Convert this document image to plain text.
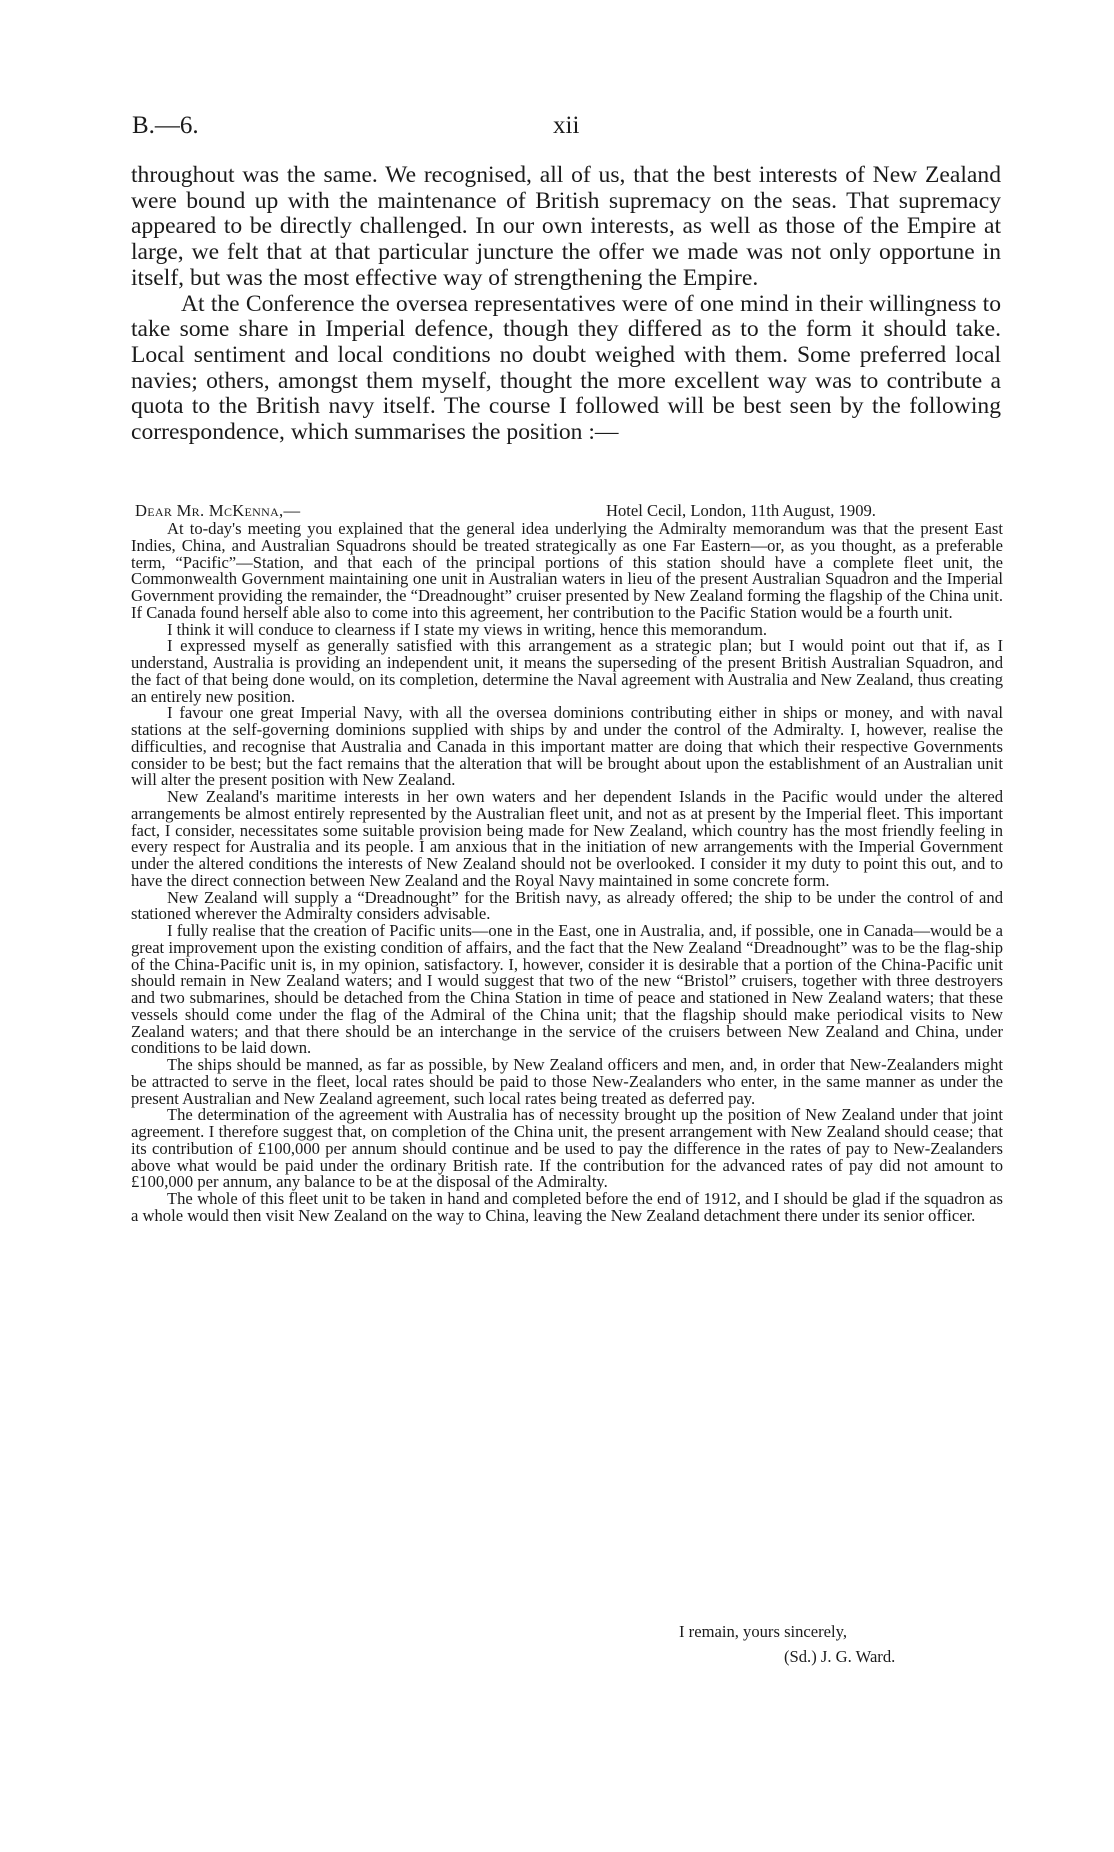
B.—6.	xii

throughout was the same. We recognised, all of us, that the best interests of New Zealand were bound up with the maintenance of British supremacy on the seas. That supremacy appeared to be directly challenged. In our own interests, as well as those of the Empire at large, we felt that at that particular juncture the offer we made was not only opportune in itself, but was the most effective way of strengthening the Empire.

At the Conference the oversea representatives were of one mind in their willingness to take some share in Imperial defence, though they differed as to the form it should take. Local sentiment and local conditions no doubt weighed with them. Some preferred local navies; others, amongst them myself, thought the more excellent way was to contribute a quota to the British navy itself. The course I followed will be best seen by the following correspondence, which summarises the position :—

Dear Mr. McKenna,—	Hotel Cecil, London, 11th August, 1909.

At to-day's meeting you explained that the general idea underlying the Admiralty memorandum was that the present East Indies, China, and Australian Squadrons should be treated strategically as one Far Eastern—or, as you thought, as a preferable term, “Pacific”—Station, and that each of the principal portions of this station should have a complete fleet unit, the Commonwealth Government maintaining one unit in Australian waters in lieu of the present Australian Squadron and the Imperial Government providing the remainder, the “Dreadnought” cruiser presented by New Zealand forming the flagship of the China unit. If Canada found herself able also to come into this agreement, her contribution to the Pacific Station would be a fourth unit.

I think it will conduce to clearness if I state my views in writing, hence this memorandum.

I expressed myself as generally satisfied with this arrangement as a strategic plan; but I would point out that if, as I understand, Australia is providing an independent unit, it means the superseding of the present British Australian Squadron, and the fact of that being done would, on its completion, determine the Naval agreement with Australia and New Zealand, thus creating an entirely new position.

I favour one great Imperial Navy, with all the oversea dominions contributing either in ships or money, and with naval stations at the self-governing dominions supplied with ships by and under the control of the Admiralty. I, however, realise the difficulties, and recognise that Australia and Canada in this important matter are doing that which their respective Governments consider to be best; but the fact remains that the alteration that will be brought about upon the establishment of an Australian unit will alter the present position with New Zealand.

New Zealand's maritime interests in her own waters and her dependent Islands in the Pacific would under the altered arrangements be almost entirely represented by the Australian fleet unit, and not as at present by the Imperial fleet. This important fact, I consider, necessitates some suitable provision being made for New Zealand, which country has the most friendly feeling in every respect for Australia and its people. I am anxious that in the initiation of new arrangements with the Imperial Government under the altered conditions the interests of New Zealand should not be overlooked. I consider it my duty to point this out, and to have the direct connection between New Zealand and the Royal Navy maintained in some concrete form.

New Zealand will supply a “Dreadnought” for the British navy, as already offered; the ship to be under the control of and stationed wherever the Admiralty considers advisable.

I fully realise that the creation of Pacific units—one in the East, one in Australia, and, if possible, one in Canada—would be a great improvement upon the existing condition of affairs, and the fact that the New Zealand “Dreadnought” was to be the flag-ship of the China-Pacific unit is, in my opinion, satisfactory. I, however, consider it is desirable that a portion of the China-Pacific unit should remain in New Zealand waters; and I would suggest that two of the new “Bristol” cruisers, together with three destroyers and two submarines, should be detached from the China Station in time of peace and stationed in New Zealand waters; that these vessels should come under the flag of the Admiral of the China unit; that the flagship should make periodical visits to New Zealand waters; and that there should be an interchange in the service of the cruisers between New Zealand and China, under conditions to be laid down.

The ships should be manned, as far as possible, by New Zealand officers and men, and, in order that New-Zealanders might be attracted to serve in the fleet, local rates should be paid to those New-Zealanders who enter, in the same manner as under the present Australian and New Zealand agreement, such local rates being treated as deferred pay.

The determination of the agreement with Australia has of necessity brought up the position of New Zealand under that joint agreement. I therefore suggest that, on completion of the China unit, the present arrangement with New Zealand should cease; that its contribution of £100,000 per annum should continue and be used to pay the difference in the rates of pay to New-Zealanders above what would be paid under the ordinary British rate. If the contribution for the advanced rates of pay did not amount to £100,000 per annum, any balance to be at the disposal of the Admiralty.

The whole of this fleet unit to be taken in hand and completed before the end of 1912, and I should be glad if the squadron as a whole would then visit New Zealand on the way to China, leaving the New Zealand detachment there under its senior officer.

I remain, yours sincerely,
(Sd.) J. G. Ward.
